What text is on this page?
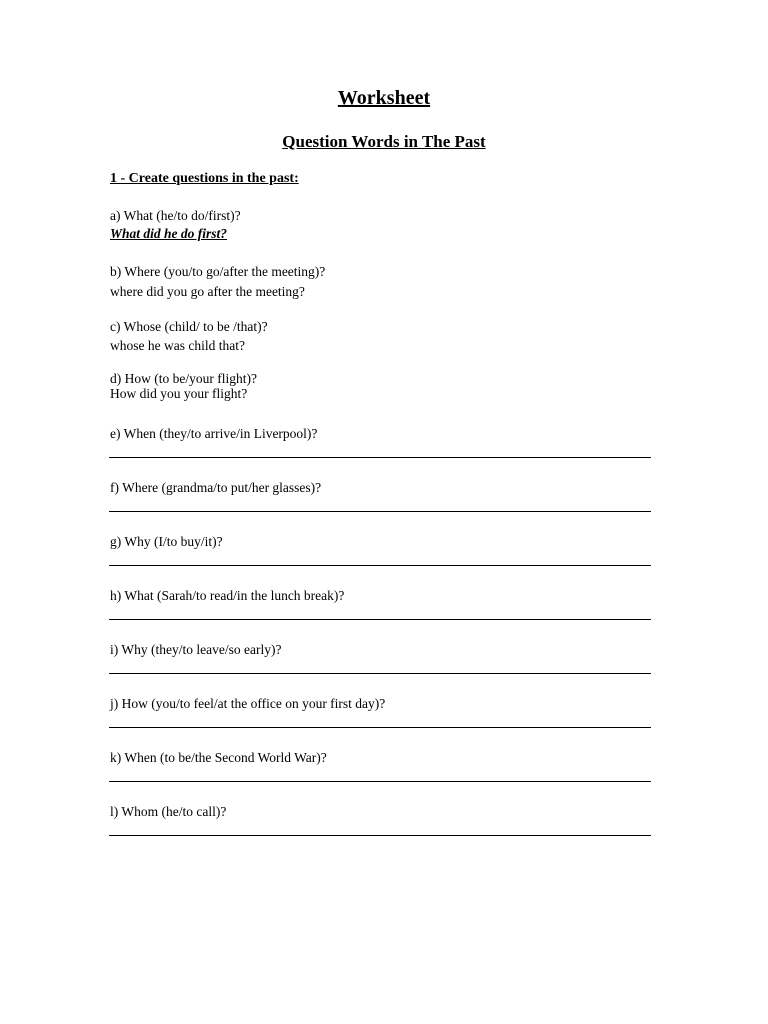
Worksheet
Question Words in The Past
1 - Create questions in the past:
a) What (he/to do/first)?
What did he do first?
b) Where (you/to go/after the meeting)?
where did you go after the meeting?
c) Whose (child/ to be /that)?
whose he was child that?
d) How (to be/your flight)?
How did you your flight?
e) When (they/to arrive/in Liverpool)?
f) Where (grandma/to put/her glasses)?
g) Why (I/to buy/it)?
h) What (Sarah/to read/in the lunch break)?
i) Why (they/to leave/so early)?
j) How (you/to feel/at the office on your first day)?
k) When (to be/the Second World War)?
l) Whom (he/to call)?
